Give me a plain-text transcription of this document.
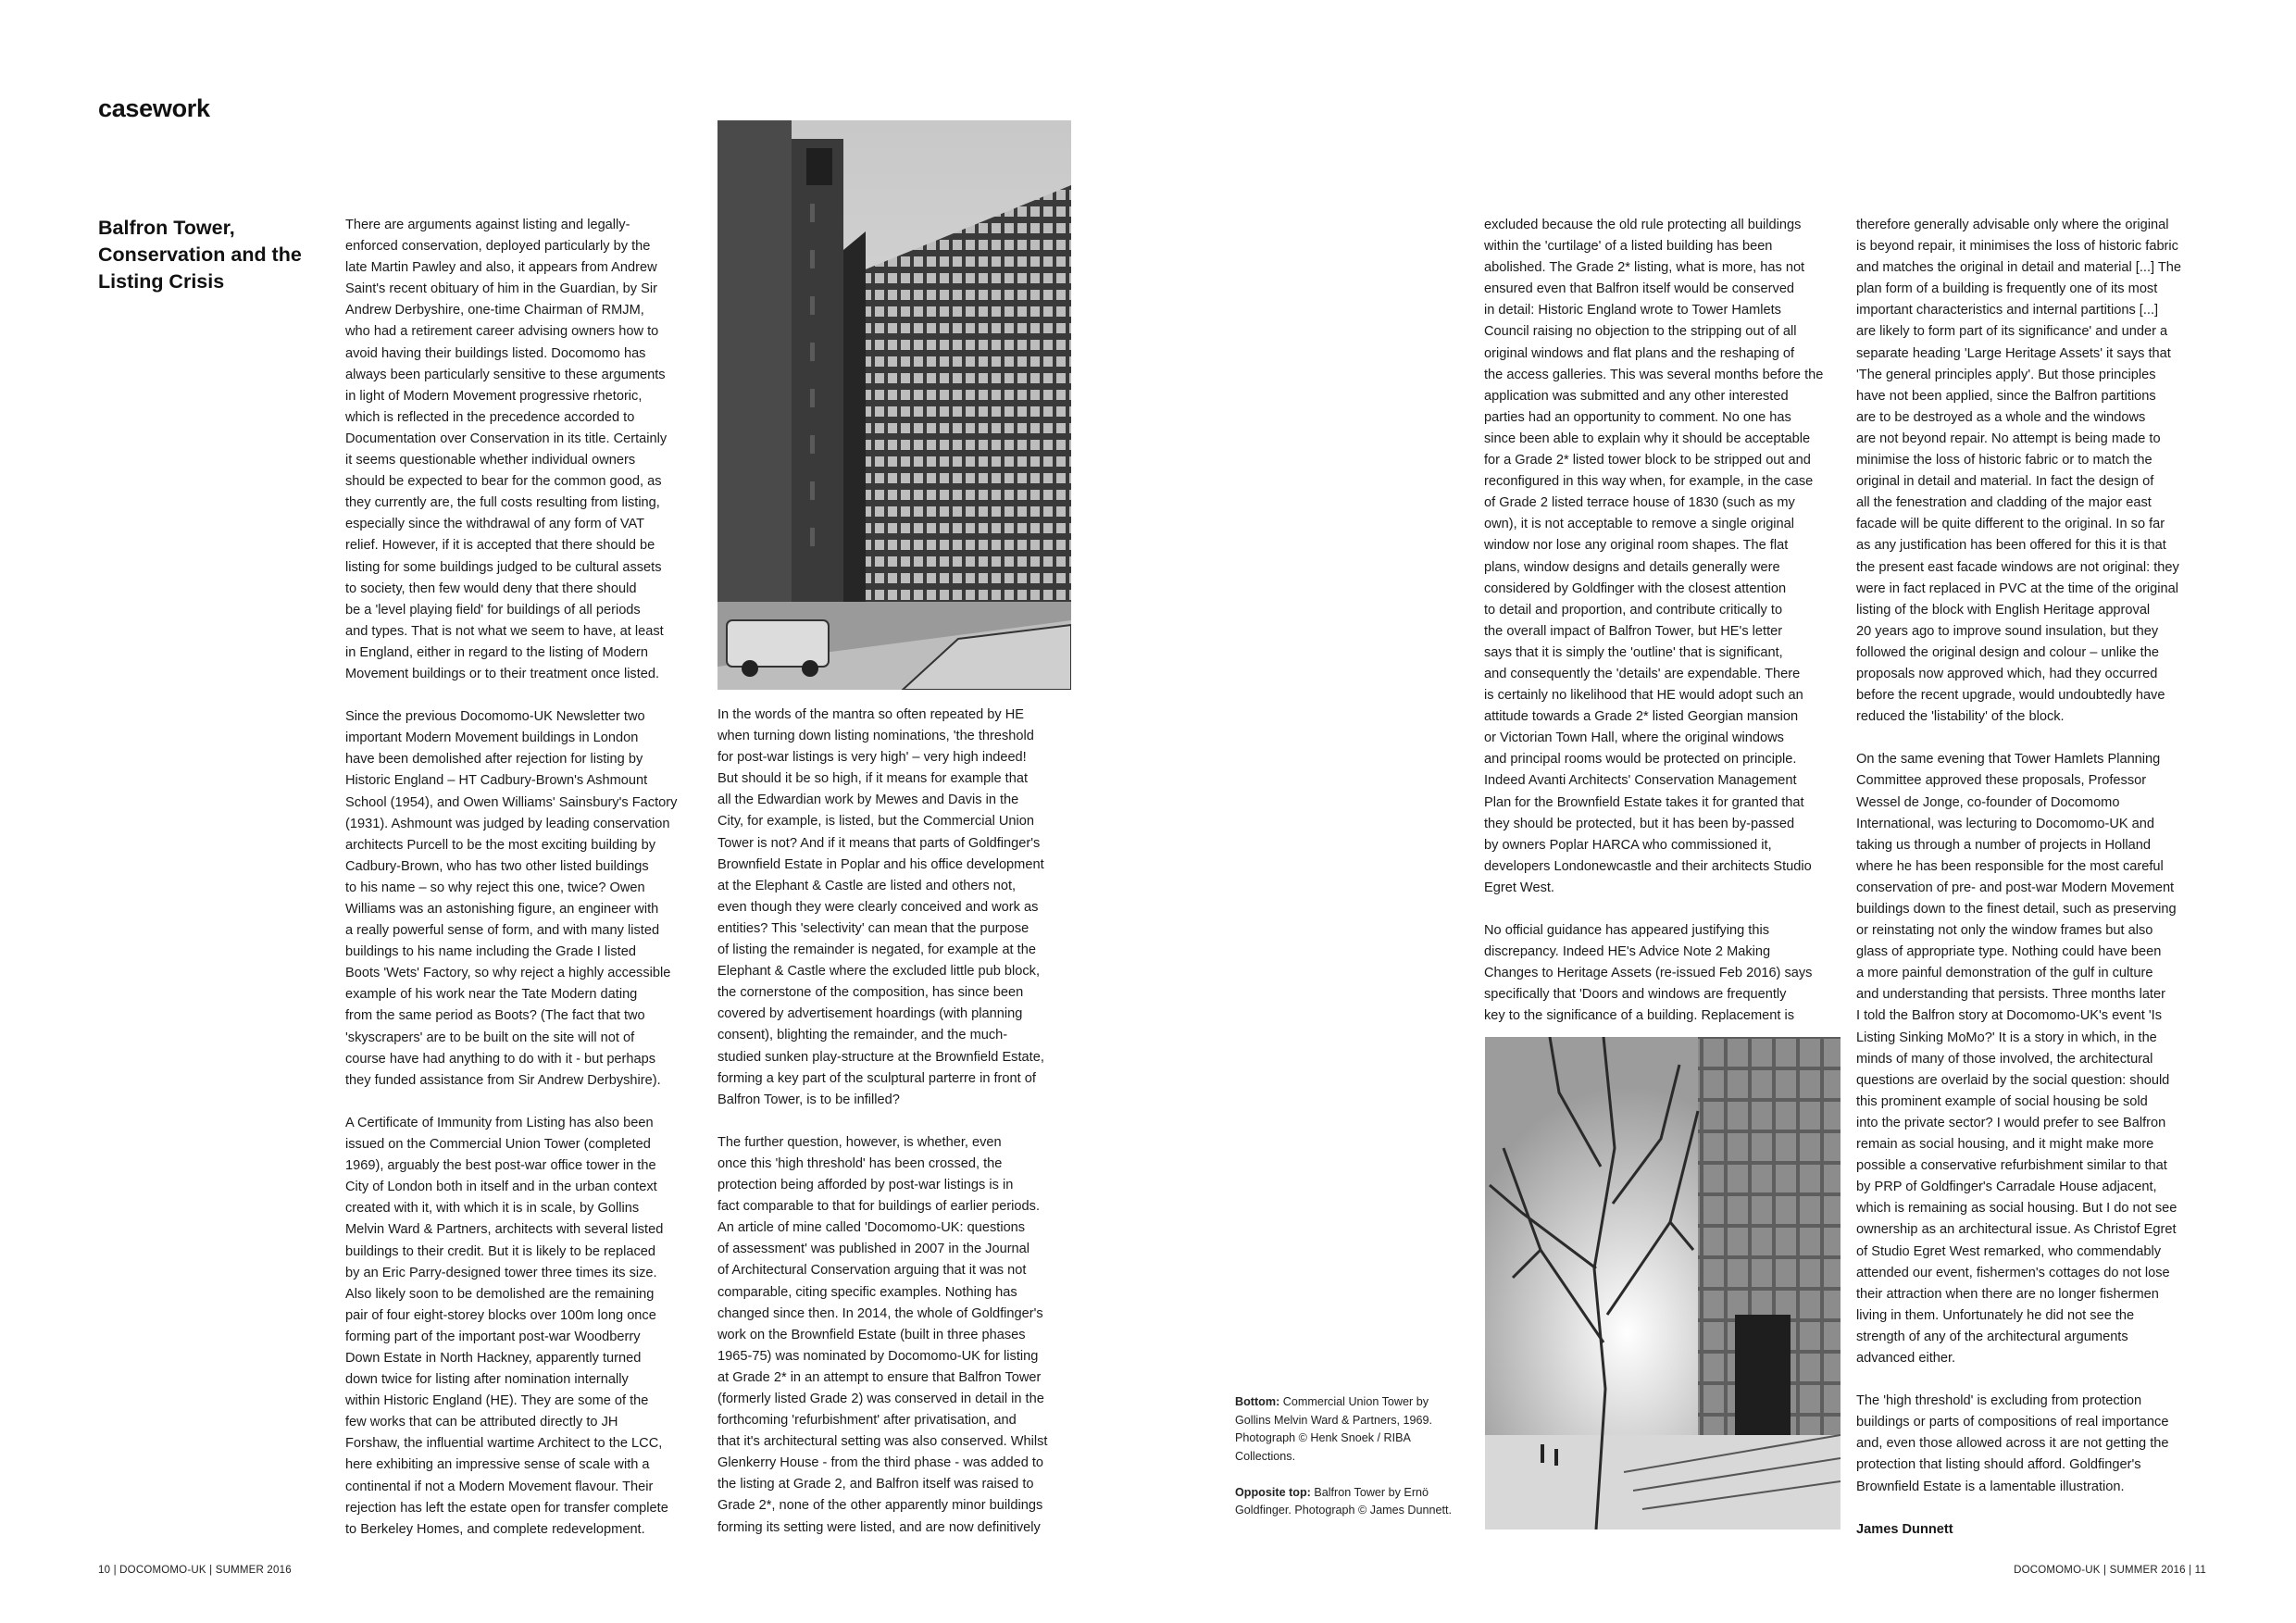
casework
Balfron Tower,
Conservation and the
Listing Crisis

There are arguments against listing and legally-
enforced conservation, deployed particularly by the
late Martin Pawley and also, it appears from Andrew
Saint's recent obituary of him in the Guardian, by Sir
Andrew Derbyshire, one-time Chairman of RMJM,
who had a retirement career advising owners how to
avoid having their buildings listed. Docomomo has
always been particularly sensitive to these arguments
in light of Modern Movement progressive rhetoric,
which is reflected in the precedence accorded to
Documentation over Conservation in its title. Certainly
it seems questionable whether individual owners
should be expected to bear for the common good, as
they currently are, the full costs resulting from listing,
especially since the withdrawal of any form of VAT
relief. However, if it is accepted that there should be
listing for some buildings judged to be cultural assets
to society, then few would deny that there should
be a 'level playing field' for buildings of all periods
and types. That is not what we seem to have, at least
in England, either in regard to the listing of Modern
Movement buildings or to their treatment once listed.

Since the previous Docomomo-UK Newsletter two
important Modern Movement buildings in London
have been demolished after rejection for listing by
Historic England – HT Cadbury-Brown's Ashmount
School (1954), and Owen Williams' Sainsbury's Factory
(1931). Ashmount was judged by leading conservation
architects Purcell to be the most exciting building by
Cadbury-Brown, who has two other listed buildings
to his name – so why reject this one, twice? Owen
Williams was an astonishing figure, an engineer with
a really powerful sense of form, and with many listed
buildings to his name including the Grade I listed
Boots 'Wets' Factory, so why reject a highly accessible
example of his work near the Tate Modern dating
from the same period as Boots? (The fact that two
'skyscrapers' are to be built on the site will not of
course have had anything to do with it - but perhaps
they funded assistance from Sir Andrew Derbyshire).

A Certificate of Immunity from Listing has also been
issued on the Commercial Union Tower (completed
1969), arguably the best post-war office tower in the
City of London both in itself and in the urban context
created with it, with which it is in scale, by Gollins
Melvin Ward & Partners, architects with several listed
buildings to their credit. But it is likely to be replaced
by an Eric Parry-designed tower three times its size.
Also likely soon to be demolished are the remaining
pair of four eight-storey blocks over 100m long once
forming part of the important post-war Woodberry
Down Estate in North Hackney, apparently turned
down twice for listing after nomination internally
within Historic England (HE). They are some of the
few works that can be attributed directly to JH
Forshaw, the influential wartime Architect to the LCC,
here exhibiting an impressive sense of scale with a
continental if not a Modern Movement flavour. Their
rejection has left the estate open for transfer complete
to Berkeley Homes, and complete redevelopment.

In the words of the mantra so often repeated by HE
when turning down listing nominations, 'the threshold
for post-war listings is very high' – very high indeed!
But should it be so high, if it means for example that
all the Edwardian work by Mewes and Davis in the
City, for example, is listed, but the Commercial Union
Tower is not? And if it means that parts of Goldfinger's
Brownfield Estate in Poplar and his office development
at the Elephant & Castle are listed and others not,
even though they were clearly conceived and work as
entities? This 'selectivity' can mean that the purpose
of listing the remainder is negated, for example at the
Elephant & Castle where the excluded little pub block,
the cornerstone of the composition, has since been
covered by advertisement hoardings (with planning
consent), blighting the remainder, and the much-
studied sunken play-structure at the Brownfield Estate,
forming a key part of the sculptural parterre in front of
Balfron Tower, is to be infilled?

The further question, however, is whether, even
once this 'high threshold' has been crossed, the
protection being afforded by post-war listings is in
fact comparable to that for buildings of earlier periods.
An article of mine called 'Docomomo-UK: questions
of assessment' was published in 2007 in the Journal
of Architectural Conservation arguing that it was not
comparable, citing specific examples. Nothing has
changed since then. In 2014, the whole of Goldfinger's
work on the Brownfield Estate (built in three phases
1965-75) was nominated by Docomomo-UK for listing
at Grade 2* in an attempt to ensure that Balfron Tower
(formerly listed Grade 2) was conserved in detail in the
forthcoming 'refurbishment' after privatisation, and
that it's architectural setting was also conserved. Whilst
Glenkerry House - from the third phase - was added to
the listing at Grade 2, and Balfron itself was raised to
Grade 2*, none of the other apparently minor buildings
forming its setting were listed, and are now definitively

excluded because the old rule protecting all buildings
within the 'curtilage' of a listed building has been
abolished. The Grade 2* listing, what is more, has not
ensured even that Balfron itself would be conserved
in detail: Historic England wrote to Tower Hamlets
Council raising no objection to the stripping out of all
original windows and flat plans and the reshaping of
the access galleries. This was several months before the
application was submitted and any other interested
parties had an opportunity to comment. No one has
since been able to explain why it should be acceptable
for a Grade 2* listed tower block to be stripped out and
reconfigured in this way when, for example, in the case
of Grade 2 listed terrace house of 1830 (such as my
own), it is not acceptable to remove a single original
window nor lose any original room shapes. The flat
plans, window designs and details generally were
considered by Goldfinger with the closest attention
to detail and proportion, and contribute critically to
the overall impact of Balfron Tower, but HE's letter
says that it is simply the 'outline' that is significant,
and consequently the 'details' are expendable. There
is certainly no likelihood that HE would adopt such an
attitude towards a Grade 2* listed Georgian mansion
or Victorian Town Hall, where the original windows
and principal rooms would be protected on principle.
Indeed Avanti Architects' Conservation Management
Plan for the Brownfield Estate takes it for granted that
they should be protected, but it has been by-passed
by owners Poplar HARCA who commissioned it,
developers Londonewcastle and their architects Studio
Egret West.

No official guidance has appeared justifying this
discrepancy. Indeed HE's Advice Note 2 Making
Changes to Heritage Assets (re-issued Feb 2016) says
specifically that 'Doors and windows are frequently
key to the significance of a building. Replacement is

therefore generally advisable only where the original
is beyond repair, it minimises the loss of historic fabric
and matches the original in detail and material [...] The
plan form of a building is frequently one of its most
important characteristics and internal partitions [...]
are likely to form part of its significance' and under a
separate heading 'Large Heritage Assets' it says that
'The general principles apply'. But those principles
have not been applied, since the Balfron partitions
are to be destroyed as a whole and the windows
are not beyond repair. No attempt is being made to
minimise the loss of historic fabric or to match the
original in detail and material. In fact the design of
all the fenestration and cladding of the major east
facade will be quite different to the original. In so far
as any justification has been offered for this it is that
the present east facade windows are not original: they
were in fact replaced in PVC at the time of the original
listing of the block with English Heritage approval
20 years ago to improve sound insulation, but they
followed the original design and colour – unlike the
proposals now approved which, had they occurred
before the recent upgrade, would undoubtedly have
reduced the 'listability' of the block.

On the same evening that Tower Hamlets Planning
Committee approved these proposals, Professor
Wessel de Jonge, co-founder of Docomomo
International, was lecturing to Docomomo-UK and
taking us through a number of projects in Holland
where he has been responsible for the most careful
conservation of pre- and post-war Modern Movement
buildings down to the finest detail, such as preserving
or reinstating not only the window frames but also
glass of appropriate type. Nothing could have been
a more painful demonstration of the gulf in culture
and understanding that persists. Three months later
I told the Balfron story at Docomomo-UK's event 'Is
Listing Sinking MoMo?' It is a story in which, in the
minds of many of those involved, the architectural
questions are overlaid by the social question: should
this prominent example of social housing be sold
into the private sector? I would prefer to see Balfron
remain as social housing, and it might make more
possible a conservative refurbishment similar to that
by PRP of Goldfinger's Carradale House adjacent,
which is remaining as social housing. But I do not see
ownership as an architectural issue. As Christof Egret
of Studio Egret West remarked, who commendably
attended our event, fishermen's cottages do not lose
their attraction when there are no longer fishermen
living in them. Unfortunately he did not see the
strength of any of the architectural arguments
advanced either.

The 'high threshold' is excluding from protection
buildings or parts of compositions of real importance
and, even those allowed across it are not getting the
protection that listing should afford. Goldfinger's
Brownfield Estate is a lamentable illustration.

James Dunnett

Bottom: Commercial Union Tower by Gollins Melvin Ward & Partners, 1969. Photograph © Henk Snoek / RIBA Collections.

Opposite top: Balfron Tower by Ernö Goldfinger. Photograph © James Dunnett.

10 | DOCOMOMO-UK | SUMMER 2016	DOCOMOMO-UK | SUMMER 2016 | 11
